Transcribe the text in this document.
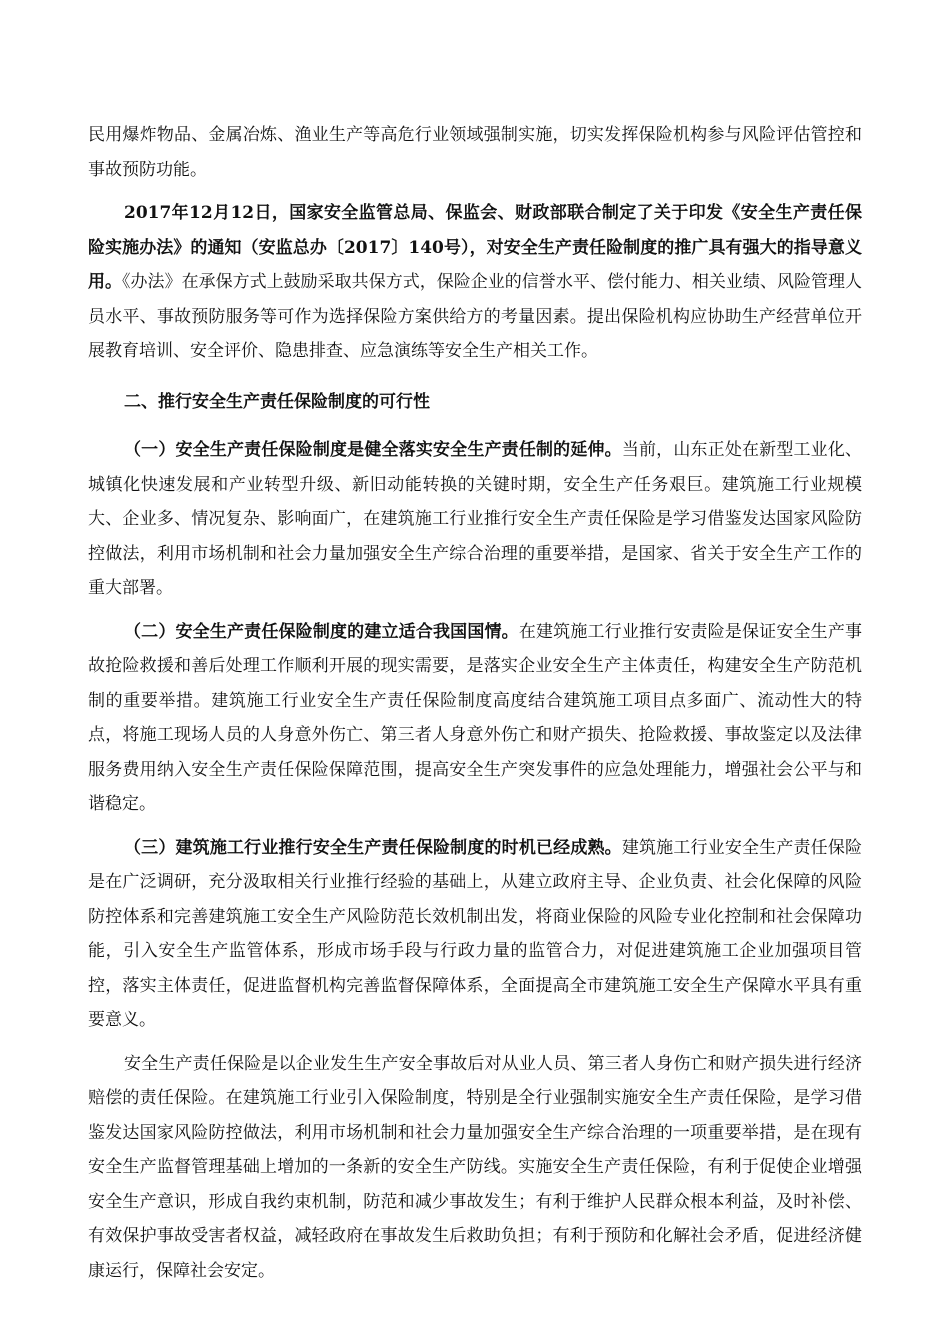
民用爆炸物品、金属冶炼、渔业生产等高危行业领域强制实施，切实发挥保险机构参与风险评估管控和事故预防功能。

2017年12月12日，国家安全监管总局、保监会、财政部联合制定了关于印发《安全生产责任保险实施办法》的通知（安监总办〔2017〕140号），对安全生产责任险制度的推广具有强大的指导意义用。《办法》在承保方式上鼓励采取共保方式，保险企业的信誉水平、偿付能力、相关业绩、风险管理人员水平、事故预防服务等可作为选择保险方案供给方的考量因素。提出保险机构应协助生产经营单位开展教育培训、安全评价、隐患排查、应急演练等安全生产相关工作。

二、推行安全生产责任保险制度的可行性

（一）安全生产责任保险制度是健全落实安全生产责任制的延伸。当前，山东正处在新型工业化、城镇化快速发展和产业转型升级、新旧动能转换的关键时期，安全生产任务艰巨。建筑施工行业规模大、企业多、情况复杂、影响面广，在建筑施工行业推行安全生产责任保险是学习借鉴发达国家风险防控做法，利用市场机制和社会力量加强安全生产综合治理的重要举措，是国家、省关于安全生产工作的重大部署。

（二）安全生产责任保险制度的建立适合我国国情。在建筑施工行业推行安责险是保证安全生产事故抢险救援和善后处理工作顺利开展的现实需要，是落实企业安全生产主体责任，构建安全生产防范机制的重要举措。建筑施工行业安全生产责任保险制度高度结合建筑施工项目点多面广、流动性大的特点，将施工现场人员的人身意外伤亡、第三者人身意外伤亡和财产损失、抢险救援、事故鉴定以及法律服务费用纳入安全生产责任保险保障范围，提高安全生产突发事件的应急处理能力，增强社会公平与和谐稳定。

（三）建筑施工行业推行安全生产责任保险制度的时机已经成熟。建筑施工行业安全生产责任保险是在广泛调研，充分汲取相关行业推行经验的基础上，从建立政府主导、企业负责、社会化保障的风险防控体系和完善建筑施工安全生产风险防范长效机制出发，将商业保险的风险专业化控制和社会保障功能，引入安全生产监管体系，形成市场手段与行政力量的监管合力，对促进建筑施工企业加强项目管控，落实主体责任，促进监督机构完善监督保障体系，全面提高全市建筑施工安全生产保障水平具有重要意义。

安全生产责任保险是以企业发生生产安全事故后对从业人员、第三者人身伤亡和财产损失进行经济赔偿的责任保险。在建筑施工行业引入保险制度，特别是全行业强制实施安全生产责任保险，是学习借鉴发达国家风险防控做法，利用市场机制和社会力量加强安全生产综合治理的一项重要举措，是在现有安全生产监督管理基础上增加的一条新的安全生产防线。实施安全生产责任保险，有利于促使企业增强安全生产意识，形成自我约束机制，防范和减少事故发生；有利于维护人民群众根本利益，及时补偿、有效保护事故受害者权益，减轻政府在事故发生后救助负担；有利于预防和化解社会矛盾，促进经济健康运行，保障社会安定。
